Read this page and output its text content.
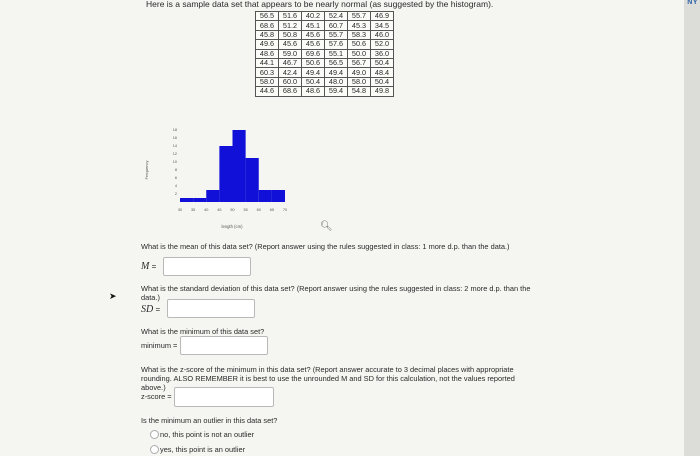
Here is a sample data set that appears to be nearly normal (as suggested by the histogram).
56.5	51.6	40.2	52.4	55.7	46.9
68.6	51.2	45.1	60.7	45.3	34.5
45.8	50.8	45.6	55.7	58.3	46.0
49.6	45.6	45.6	57.6	50.6	52.0
48.6	59.0	69.6	55.1	50.0	36.0
44.1	46.7	50.6	56.5	56.7	50.4
60.3	42.4	49.4	49.4	49.0	48.4
58.0	60.0	50.4	48.0	58.0	50.4
44.6	68.6	48.6	59.4	54.8	49.8
Frequency
2
4
6
8
10
12
14
16
18
30 35 40 45 50 55 60 65 70
length (cm)	🔍︎
What is the mean of this data set? (Report answer using the rules suggested in class: 1 more d.p. than the data.)
M =
What is the standard deviation of this data set? (Report answer using the rules suggested in class: 2 more d.p. than the data.)
SD =
What is the minimum of this data set?
minimum =
What is the z-score of the minimum in this data set? (Report answer accurate to 3 decimal places with appropriate rounding. ALSO REMEMBER it is best to use the unrounded M and SD for this calculation, not the values reported above.)
z-score =
Is the minimum an outlier in this data set?
no, this point is not an outlier
yes, this point is an outlier
➤
NY
